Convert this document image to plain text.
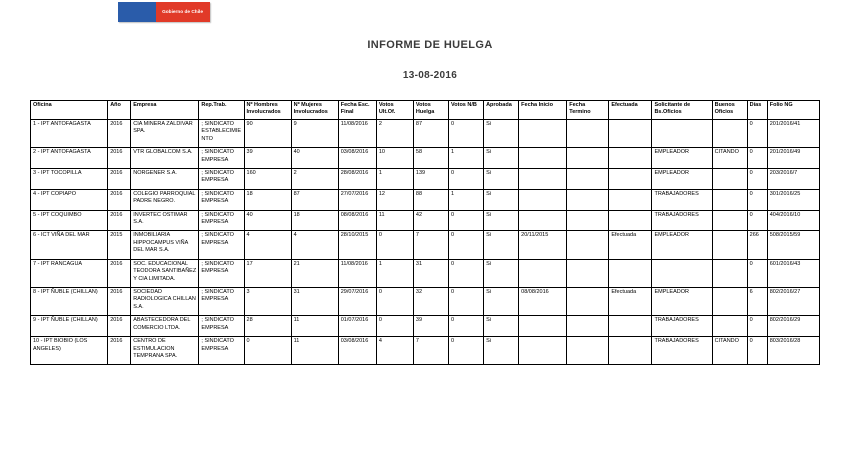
Gobierno de Chile
INFORME DE HUELGA
13-08-2016
Oficina	Año	Empresa	Rep.Trab.	Nº Hombres Involucrados	Nº Mujeres Involucrados	Fecha Esc. Final	Votos Ult.Of.	Votos Huelga	Votos N/B	Aprobada	Fecha Inicio	Fecha Termino	Efectuada	Solicitante de Bs.Oficios	Buenos Oficios	Días	Folio NG
1 - IPT ANTOFAGASTA	2016	CIA MINERA ZALDIVAR SPA.	; SINDICATO ESTABLECIMIENTO	90	9	11/08/2016	2	87	0	Si						0	201/2016/41
2 - IPT ANTOFAGASTA	2016	VTR GLOBALCOM S.A.	; SINDICATO EMPRESA	39	40	03/08/2016	10	58	1	Si				EMPLEADOR	CITANDO	0	201/2016/49
3 - IPT TOCOPILLA	2016	NORGENER S.A.	; SINDICATO EMPRESA	160	2	28/08/2016	1	139	0	Si				EMPLEADOR		0	203/2016/7
4 - IPT COPIAPO	2016	COLEGIO PARROQUIAL PADRE NEGRO.	; SINDICATO EMPRESA	18	87	27/07/2016	12	88	1	Si				TRABAJADORES		0	301/2016/25
5 - IPT COQUIMBO	2016	INVERTEC OSTIMAR S.A.	; SINDICATO EMPRESA	40	18	08/08/2016	11	42	0	Si				TRABAJADORES		0	404/2016/10
6 - ICT VIÑA DEL MAR	2015	INMOBILIARIA HIPPOCAMPUS VIÑA DEL MAR S.A.	; SINDICATO EMPRESA	4	4	28/10/2015	0	7	0	Si	20/11/2015		Efectuada	EMPLEADOR		266	508/2015/59
7 - IPT RANCAGUA	2016	SOC. EDUCACIONAL TEODORA SANTIBAÑEZ Y CIA LIMITADA.	; SINDICATO EMPRESA	17	21	11/08/2016	1	31	0	Si						0	601/2016/43
8 - IPT ÑUBLE (CHILLAN)	2016	SOCIEDAD RADIOLOGICA CHILLAN S.A.	; SINDICATO EMPRESA	3	31	29/07/2016	0	32	0	Si	08/08/2016		Efectuada	EMPLEADOR		6	802/2016/27
9 - IPT ÑUBLE (CHILLAN)	2016	ABASTECEDORA DEL COMERCIO LTDA.	; SINDICATO EMPRESA	28	11	01/07/2016	0	39	0	Si				TRABAJADORES		0	802/2016/29
10 - IPT BIOBIO (LOS ANGELES)	2016	CENTRO DE ESTIMULACION TEMPRANA SPA.	; SINDICATO EMPRESA	0	11	03/08/2016	4	7	0	Si				TRABAJADORES	CITANDO	0	803/2016/28
